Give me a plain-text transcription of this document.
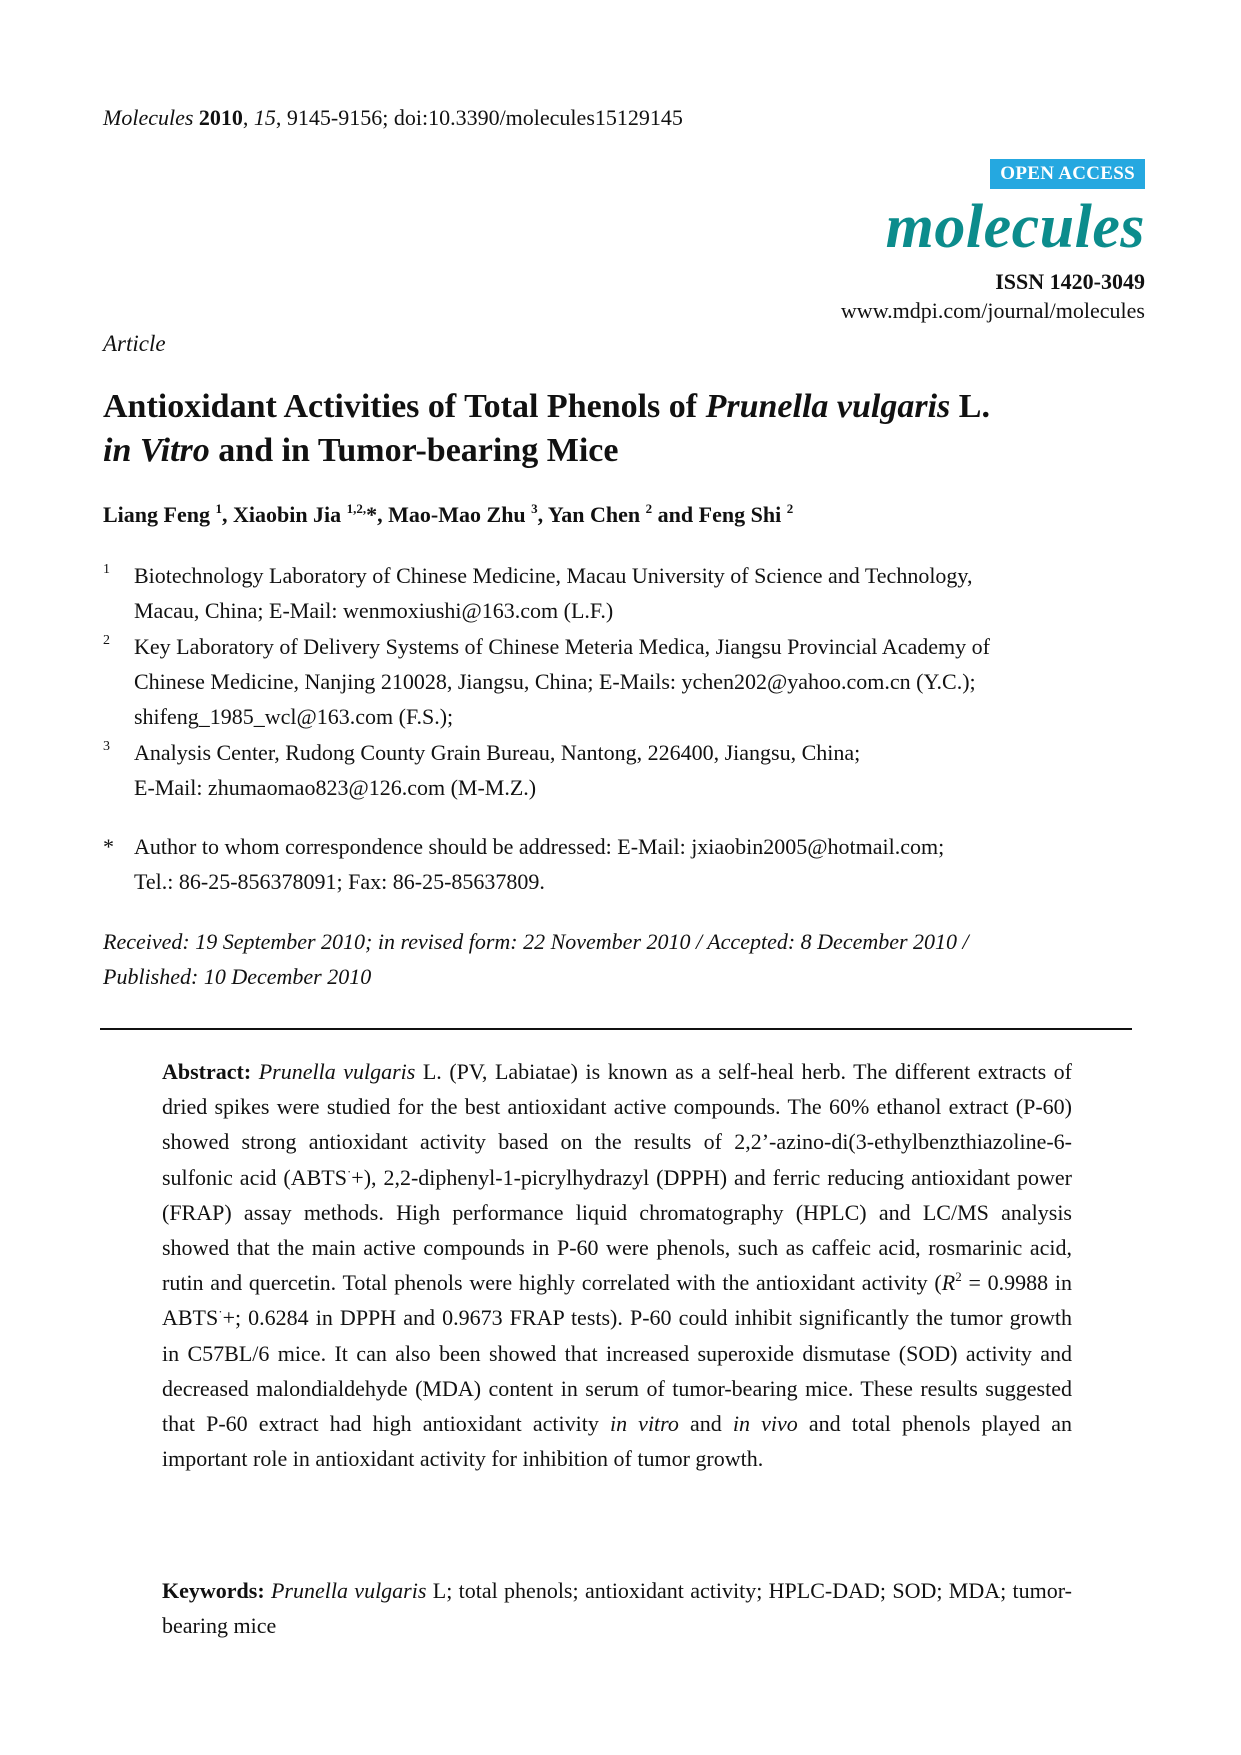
Molecules 2010, 15, 9145-9156; doi:10.3390/molecules15129145
OPEN ACCESS
molecules
ISSN 1420-3049
www.mdpi.com/journal/molecules
Article
Antioxidant Activities of Total Phenols of Prunella vulgaris L.
in Vitro and in Tumor-bearing Mice
Liang Feng $^1$, Xiaobin Jia $^{1,2,}$*, Mao-Mao Zhu $^3$, Yan Chen $^2$ and Feng Shi $^2$
1 Biotechnology Laboratory of Chinese Medicine, Macau University of Science and Technology,
Macau, China; E-Mail: wenmoxiushi@163.com (L.F.)
2 Key Laboratory of Delivery Systems of Chinese Meteria Medica, Jiangsu Provincial Academy of
Chinese Medicine, Nanjing 210028, Jiangsu, China; E-Mails: ychen202@yahoo.com.cn (Y.C.);
shifeng_1985_wcl@163.com (F.S.);
3 Analysis Center, Rudong County Grain Bureau, Nantong, 226400, Jiangsu, China;
E-Mail: zhumaomao823@126.com (M-M.Z.)
* Author to whom correspondence should be addressed: E-Mail: jxiaobin2005@hotmail.com;
Tel.: 86-25-856378091; Fax: 86-25-85637809.
Received: 19 September 2010; in revised form: 22 November 2010 / Accepted: 8 December 2010 /
Published: 10 December 2010
Abstract: Prunella vulgaris L. (PV, Labiatae) is known as a self-heal herb. The different extracts of dried spikes were studied for the best antioxidant active compounds. The 60% ethanol extract (P-60) showed strong antioxidant activity based on the results of 2,2’-azino-di(3-ethylbenzthiazoline-6-sulfonic acid (ABTS·+), 2,2-diphenyl-1-picrylhydrazyl (DPPH) and ferric reducing antioxidant power (FRAP) assay methods. High performance liquid chromatography (HPLC) and LC/MS analysis showed that the main active compounds in P-60 were phenols, such as caffeic acid, rosmarinic acid, rutin and quercetin. Total phenols were highly correlated with the antioxidant activity ($R^2 = 0.9988$ in ABTS·+; 0.6284 in DPPH and 0.9673 FRAP tests). P-60 could inhibit significantly the tumor growth in C57BL/6 mice. It can also been showed that increased superoxide dismutase (SOD) activity and decreased malondialdehyde (MDA) content in serum of tumor-bearing mice. These results suggested that P-60 extract had high antioxidant activity in vitro and in vivo and total phenols played an important role in antioxidant activity for inhibition of tumor growth.
Keywords: Prunella vulgaris L; total phenols; antioxidant activity; HPLC-DAD; SOD; MDA; tumor-bearing mice
